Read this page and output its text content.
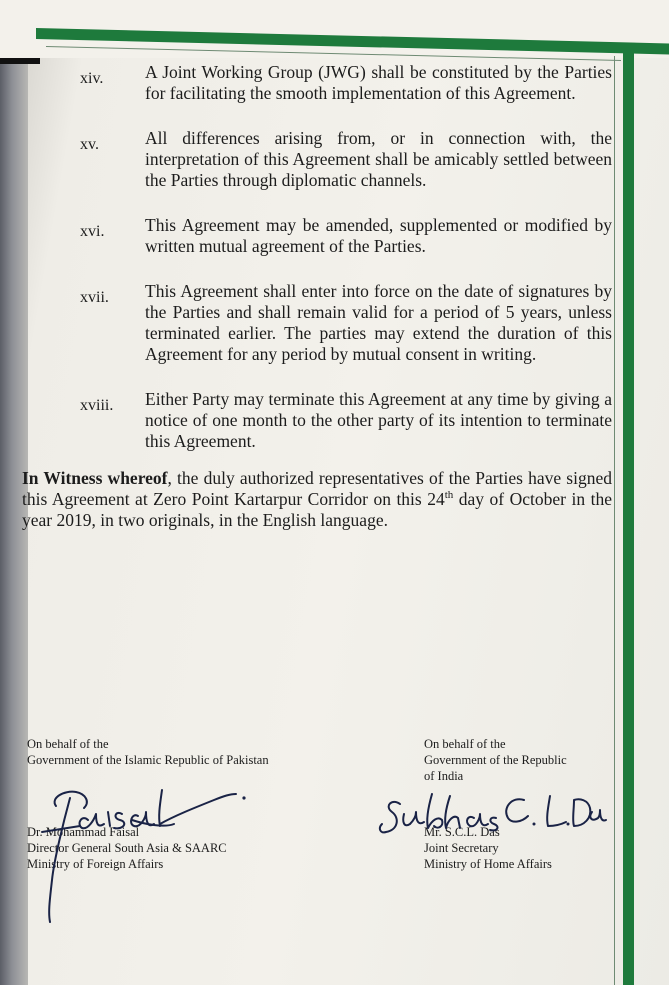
xiv. A Joint Working Group (JWG) shall be constituted by the Parties for facilitating the smooth implementation of this Agreement.
xv.	All differences arising from, or in connection with, the interpretation of this Agreement shall be amicably settled between the Parties through diplomatic channels.
xvi. This Agreement may be amended, supplemented or modified by written mutual agreement of the Parties.
xvii. This Agreement shall enter into force on the date of signatures by the Parties and shall remain valid for a period of 5 years, unless terminated earlier. The parties may extend the duration of this Agreement for any period by mutual consent in writing.
xviii. Either Party may terminate this Agreement at any time by giving a notice of one month to the other party of its intention to terminate this Agreement.
In Witness whereof, the duly authorized representatives of the Parties have signed this Agreement at Zero Point Kartarpur Corridor on this 24th day of October in the year 2019, in two originals, in the English language.
On behalf of the
Government of the Islamic Republic of Pakistan
Dr. Mohammad Faisal
Director General South Asia & SAARC
Ministry of Foreign Affairs
On behalf of the
Government of the Republic
of India
Mr. S.C.L. Das
Joint Secretary
Ministry of Home Affairs
